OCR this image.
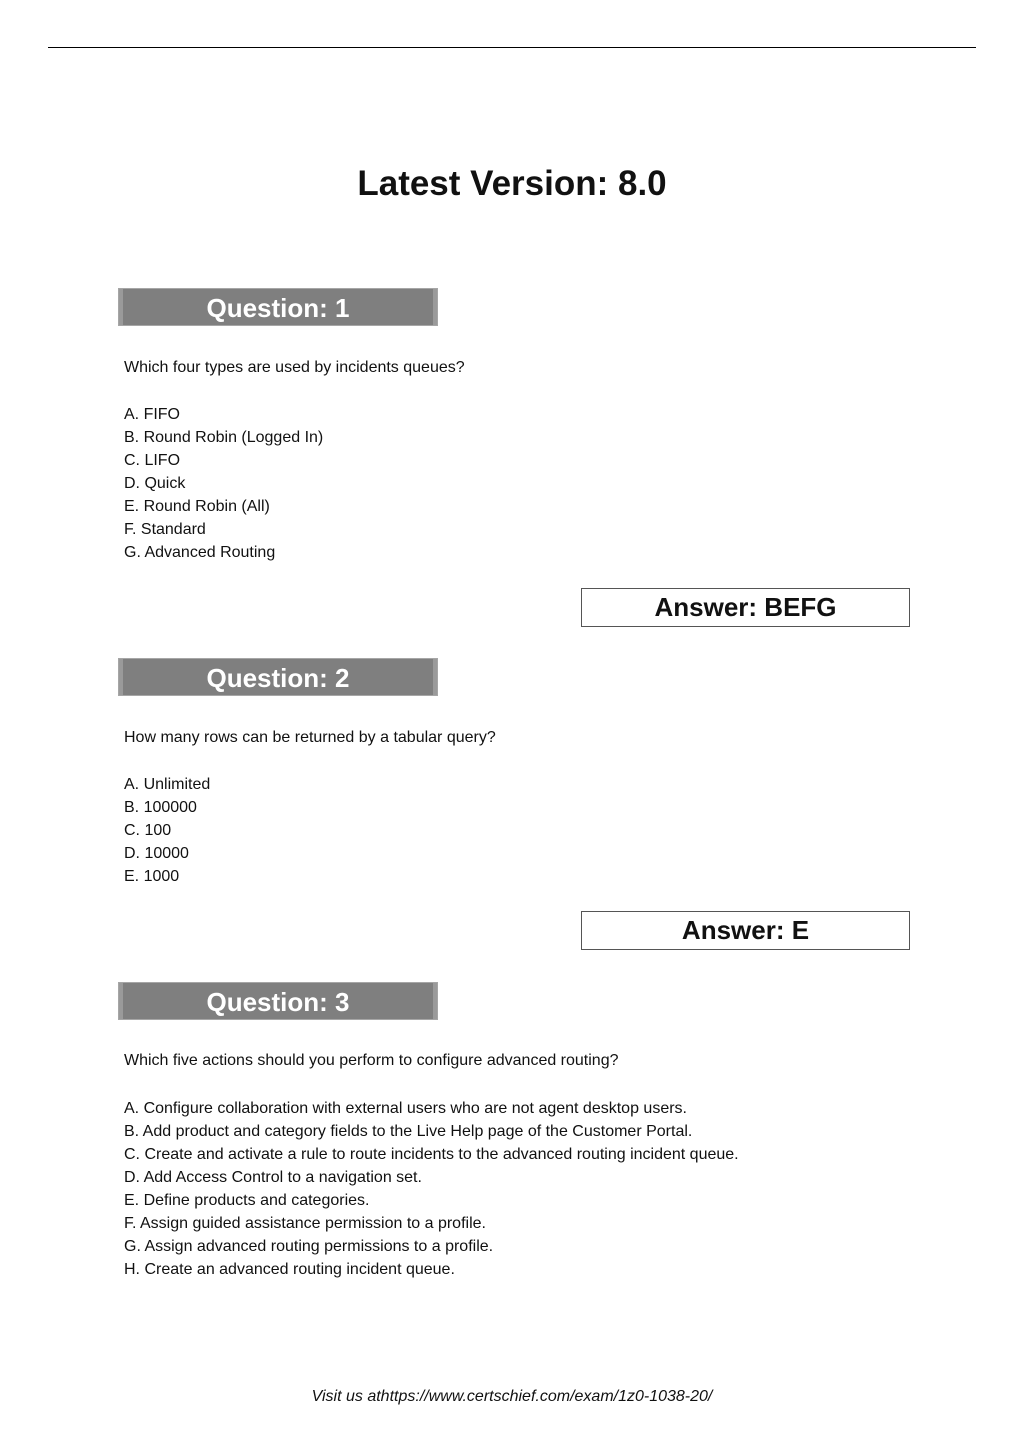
Latest Version: 8.0
Question: 1
Which four types are used by incidents queues?
A. FIFO
B. Round Robin (Logged In)
C. LIFO
D. Quick
E. Round Robin (All)
F. Standard
G. Advanced Routing
Answer: BEFG
Question: 2
How many rows can be returned by a tabular query?
A. Unlimited
B. 100000
C. 100
D. 10000
E. 1000
Answer: E
Question: 3
Which five actions should you perform to configure advanced routing?
A. Configure collaboration with external users who are not agent desktop users.
B. Add product and category fields to the Live Help page of the Customer Portal.
C. Create and activate a rule to route incidents to the advanced routing incident queue.
D. Add Access Control to a navigation set.
E. Define products and categories.
F. Assign guided assistance permission to a profile.
G. Assign advanced routing permissions to a profile.
H. Create an advanced routing incident queue.
Visit us athttps://www.certschief.com/exam/1z0-1038-20/
